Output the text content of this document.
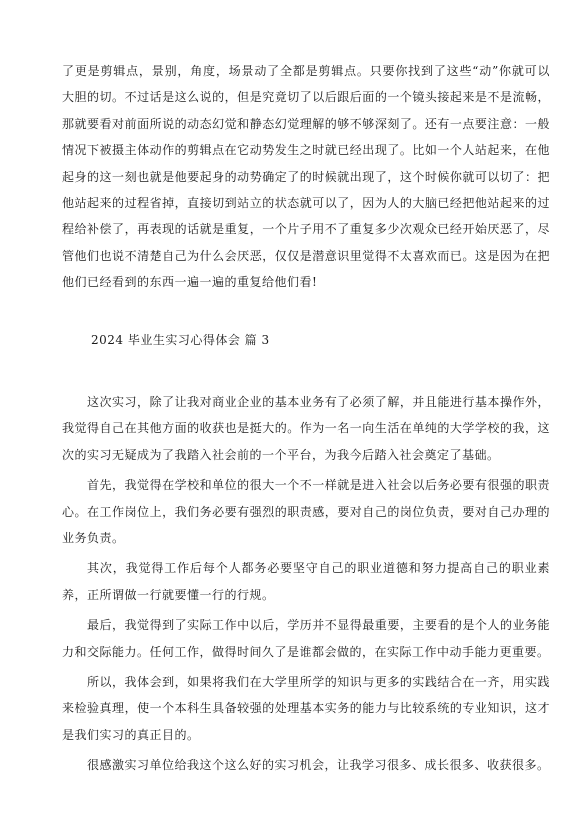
了更是剪辑点，景别，角度，场景动了全都是剪辑点。只要你找到了这些“动”你就可以大胆的切。不过话是这么说的，但是究竟切了以后跟后面的一个镜头接起来是不是流畅，那就要看对前面所说的动态幻觉和静态幻觉理解的够不够深刻了。还有一点要注意：一般情况下被摄主体动作的剪辑点在它动势发生之时就已经出现了。比如一个人站起来，在他起身的这一刻也就是他要起身的动势确定了的时候就出现了，这个时候你就可以切了：把他站起来的过程省掉，直接切到站立的状态就可以了，因为人的大脑已经把他站起来的过程给补偿了，再表现的话就是重复，一个片子用不了重复多少次观众已经开始厌恶了，尽管他们也说不清楚自己为什么会厌恶，仅仅是潜意识里觉得不太喜欢而已。这是因为在把他们已经看到的东西一遍一遍的重复给他们看!

2024 毕业生实习心得体会 篇 3

这次实习，除了让我对商业企业的基本业务有了必须了解，并且能进行基本操作外，我觉得自己在其他方面的收获也是挺大的。作为一名一向生活在单纯的大学学校的我，这次的实习无疑成为了我踏入社会前的一个平台，为我今后踏入社会奠定了基础。

首先，我觉得在学校和单位的很大一个不一样就是进入社会以后务必要有很强的职责心。在工作岗位上，我们务必要有强烈的职责感，要对自己的岗位负责，要对自己办理的业务负责。

其次，我觉得工作后每个人都务必要坚守自己的职业道德和努力提高自己的职业素养，正所谓做一行就要懂一行的行规。

最后，我觉得到了实际工作中以后，学历并不显得最重要，主要看的是个人的业务能力和交际能力。任何工作，做得时间久了是谁都会做的，在实际工作中动手能力更重要。

所以，我体会到，如果将我们在大学里所学的知识与更多的实践结合在一齐，用实践来检验真理，使一个本科生具备较强的处理基本实务的能力与比较系统的专业知识，这才是我们实习的真正目的。

很感激实习单位给我这个这么好的实习机会，让我学习很多、成长很多、收获很多。
